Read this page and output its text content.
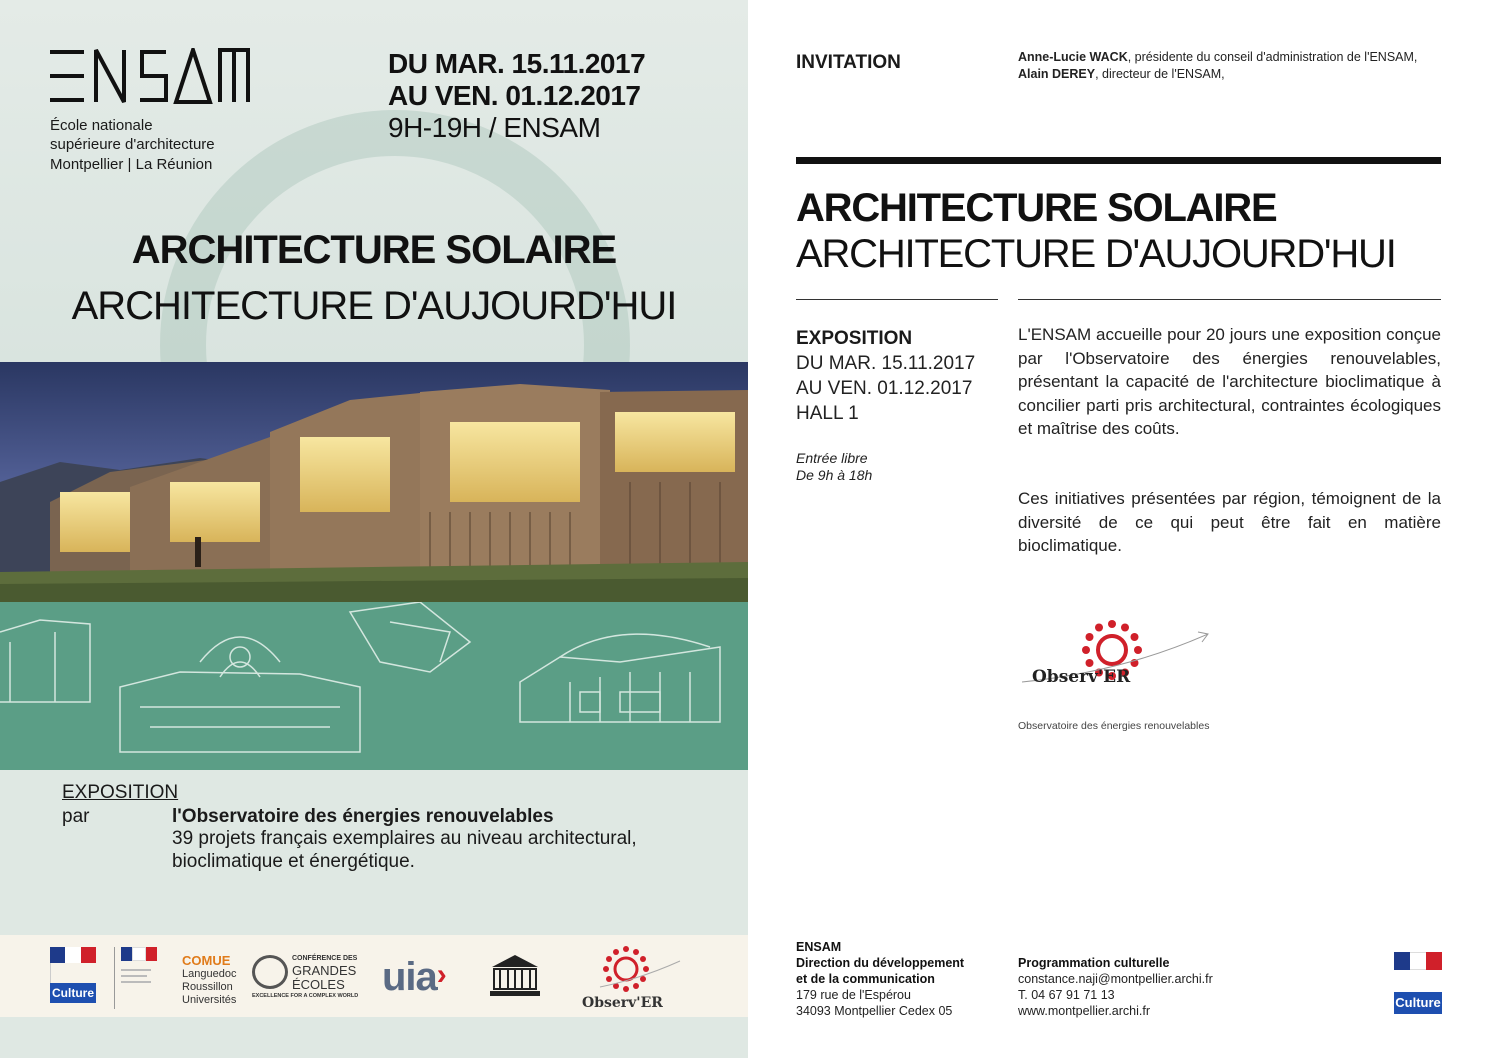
École nationale
supérieure d'architecture
Montpellier | La Réunion
DU MAR. 15.11.2017
AU VEN. 01.12.2017
9H-19H / ENSAM
ARCHITECTURE SOLAIRE
ARCHITECTURE D'AUJOURD'HUI
EXPOSITION
par	l'Observatoire des énergies renouvelables
39 projets français exemplaires au niveau architectural,
bioclimatique et énergétique.
Culture
COMUE
Languedoc
Roussillon
Universités
CONFÉRENCE DES
GRANDES
ÉCOLES
EXCELLENCE FOR A COMPLEX WORLD uia›
Observ'ER
INVITATION	Anne-Lucie WACK, présidente du conseil d'administration de l'ENSAM,
Alain DEREY, directeur de l'ENSAM,
ARCHITECTURE SOLAIRE
ARCHITECTURE D'AUJOURD'HUI
EXPOSITION
DU MAR. 15.11.2017
AU VEN. 01.12.2017
HALL 1
Entrée libre
De 9h à 18h

L'ENSAM accueille pour 20 jours une exposition conçue par l'Observatoire des énergies renouvelables, présentant la capacité de l'architecture bioclimatique à concilier parti pris architectural, contraintes écologiques et maîtrise des coûts.

Ces initiatives présentées par région, témoignent de la diversité de ce qui peut être fait en matière bioclimatique.

Observ'ER
Observatoire des énergies renouvelables
ENSAM
Direction du développement
et de la communication
179 rue de l'Espérou
34093 Montpellier Cedex 05
Programmation culturelle
constance.naji@montpellier.archi.fr
T. 04 67 91 71 13
www.montpellier.archi.fr
Culture
